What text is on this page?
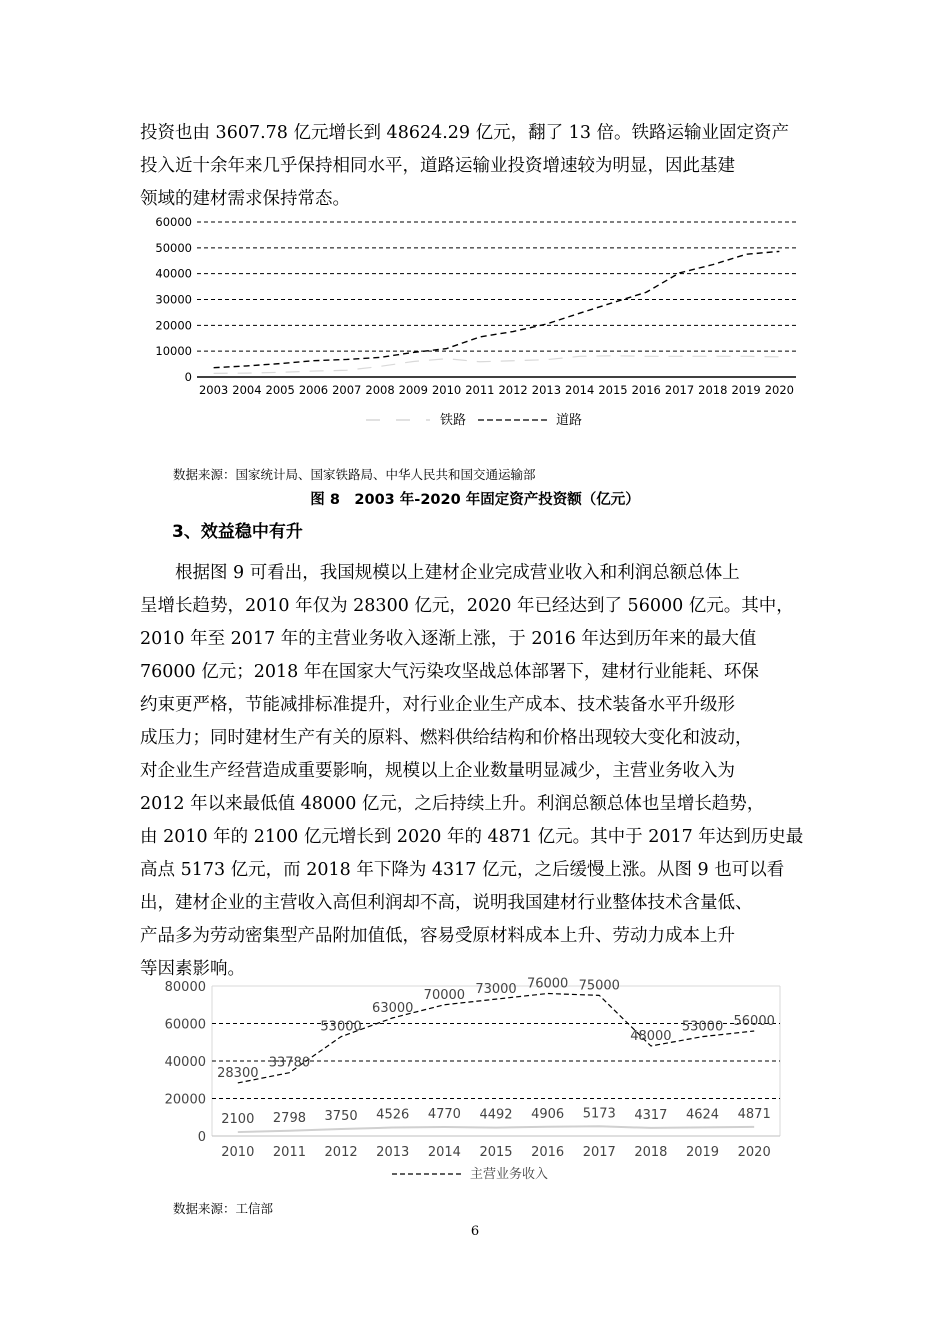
投资也由 3607.78 亿元增长到 48624.29 亿元，翻了 13 倍。铁路运输业固定资产
投入近十余年来几乎保持相同水平，道路运输业投资增速较为明显，因此基建
领域的建材需求保持常态。
0
10000
20000
30000
40000
50000
60000
2003 2004 2005 2006 2007 2008 2009 2010 2011 2012 2013 2014 2015 2016 2017 2018 2019 2020
铁路	道路
数据来源：国家统计局、国家铁路局、中华人民共和国交通运输部
图 8　2003 年-2020 年固定资产投资额（亿元）
3、效益稳中有升
　　根据图 9 可看出，我国规模以上建材企业完成营业收入和利润总额总体上
呈增长趋势，2010 年仅为 28300 亿元，2020 年已经达到了 56000 亿元。其中，
2010 年至 2017 年的主营业务收入逐渐上涨，于 2016 年达到历年来的最大值
76000 亿元；2018 年在国家大气污染攻坚战总体部署下，建材行业能耗、环保
约束更严格，节能减排标准提升，对行业企业生产成本、技术装备水平升级形
成压力；同时建材生产有关的原料、燃料供给结构和价格出现较大变化和波动，
对企业生产经营造成重要影响，规模以上企业数量明显减少，主营业务收入为
2012 年以来最低值 48000 亿元，之后持续上升。利润总额总体也呈增长趋势，
由 2010 年的 2100 亿元增长到 2020 年的 4871 亿元。其中于 2017 年达到历史最
高点 5173 亿元，而 2018 年下降为 4317 亿元，之后缓慢上涨。从图 9 也可以看
出，建材企业的主营收入高但利润却不高，说明我国建材行业整体技术含量低、
产品多为劳动密集型产品附加值低，容易受原材料成本上升、劳动力成本上升
等因素影响。
0
20000
40000
60000
80000
2010 2011 2012 2013 2014 2015 2016 2017 2018 2019 2020
28300
33780
53000
63000
70000 73000 76000 75000
48000
53000 56000
2100 2798 3750 4526 4770 4492 4906 5173 4317 4624 4871
主营业务收入
数据来源：工信部
6
